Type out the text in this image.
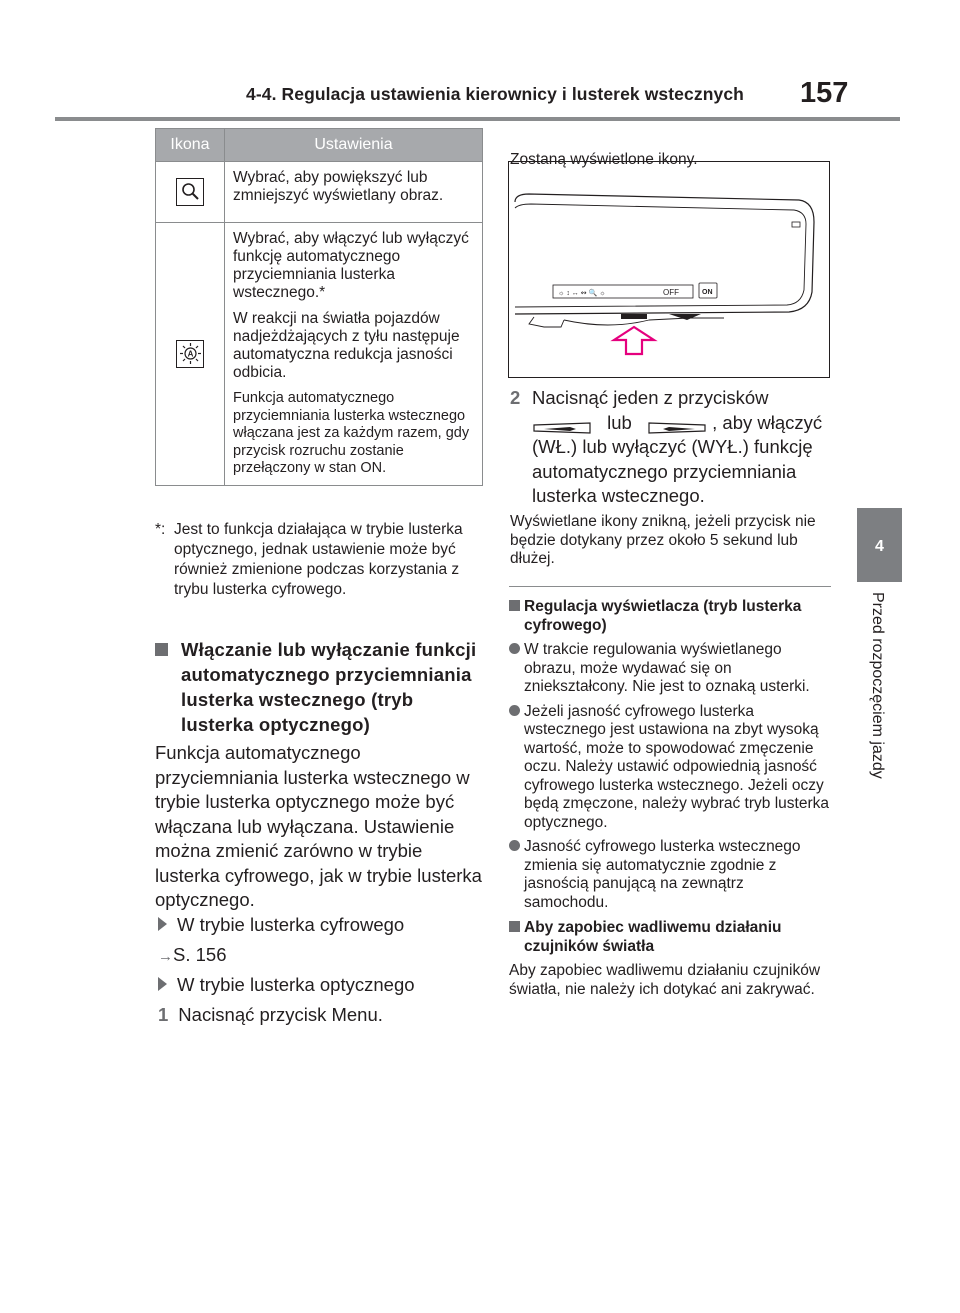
4-4. Regulacja ustawienia kierownicy i lusterek wstecznych 157
4
Przed rozpoczęciem jazdy
Ikona	Ustawienia

Wybrać, aby powiększyć lub zmniejszyć wyświetlany obraz.

A	Wybrać, aby włączyć lub wyłączyć funkcję automatycznego przyciemniania lusterka wstecznego.*

W reakcji na światła pojazdów nadjeżdżających z tyłu następuje automatyczna redukcja jasności odbicia.

Funkcja automatycznego przyciemniania lusterka wstecznego włączana jest za każdym razem, gdy przycisk rozruchu zostanie przełączony w stan ON.

*: Jest to funkcja działająca w trybie lusterka optycznego, jednak ustawienie może być również zmienione podczas korzystania z trybu lusterka cyfrowego.
Włączanie lub wyłączanie funkcji automatycznego przyciemniania lusterka wstecznego (tryb lusterka optycznego)
Funkcja automatycznego przyciemniania lusterka wstecznego w trybie lusterka optycznego może być włączana lub wyłączana. Ustawienie można zmienić zarówno w trybie lusterka cyfrowego, jak w trybie lusterka optycznego.
W trybie lusterka cyfrowego
→S. 156
W trybie lusterka optycznego
1 Nacisnąć przycisk Menu.
Zostaną wyświetlone ikony.
☼ ↕ ↔ ↭ 🔍 ☼	OFF	ON
2 Nacisnąć jeden z przycisków
lub	, aby włączyć (WŁ.) lub wyłączyć (WYŁ.) funkcję automatycznego przyciemniania lusterka wstecznego.
Wyświetlane ikony znikną, jeżeli przycisk nie będzie dotykany przez około 5 sekund lub dłużej.
Regulacja wyświetlacza (tryb lusterka cyfrowego)
W trakcie regulowania wyświetlanego obrazu, może wydawać się on zniekształcony. Nie jest to oznaką usterki.
Jeżeli jasność cyfrowego lusterka wstecznego jest ustawiona na zbyt wysoką wartość, może to spowodować zmęczenie oczu. Należy ustawić odpowiednią jasność cyfrowego lusterka wstecznego. Jeżeli oczy będą zmęczone, należy wybrać tryb lusterka optycznego.
Jasność cyfrowego lusterka wstecznego zmienia się automatycznie zgodnie z jasnością panującą na zewnątrz samochodu.
Aby zapobiec wadliwemu działaniu czujników światła
Aby zapobiec wadliwemu działaniu czujników światła, nie należy ich dotykać ani zakrywać.
